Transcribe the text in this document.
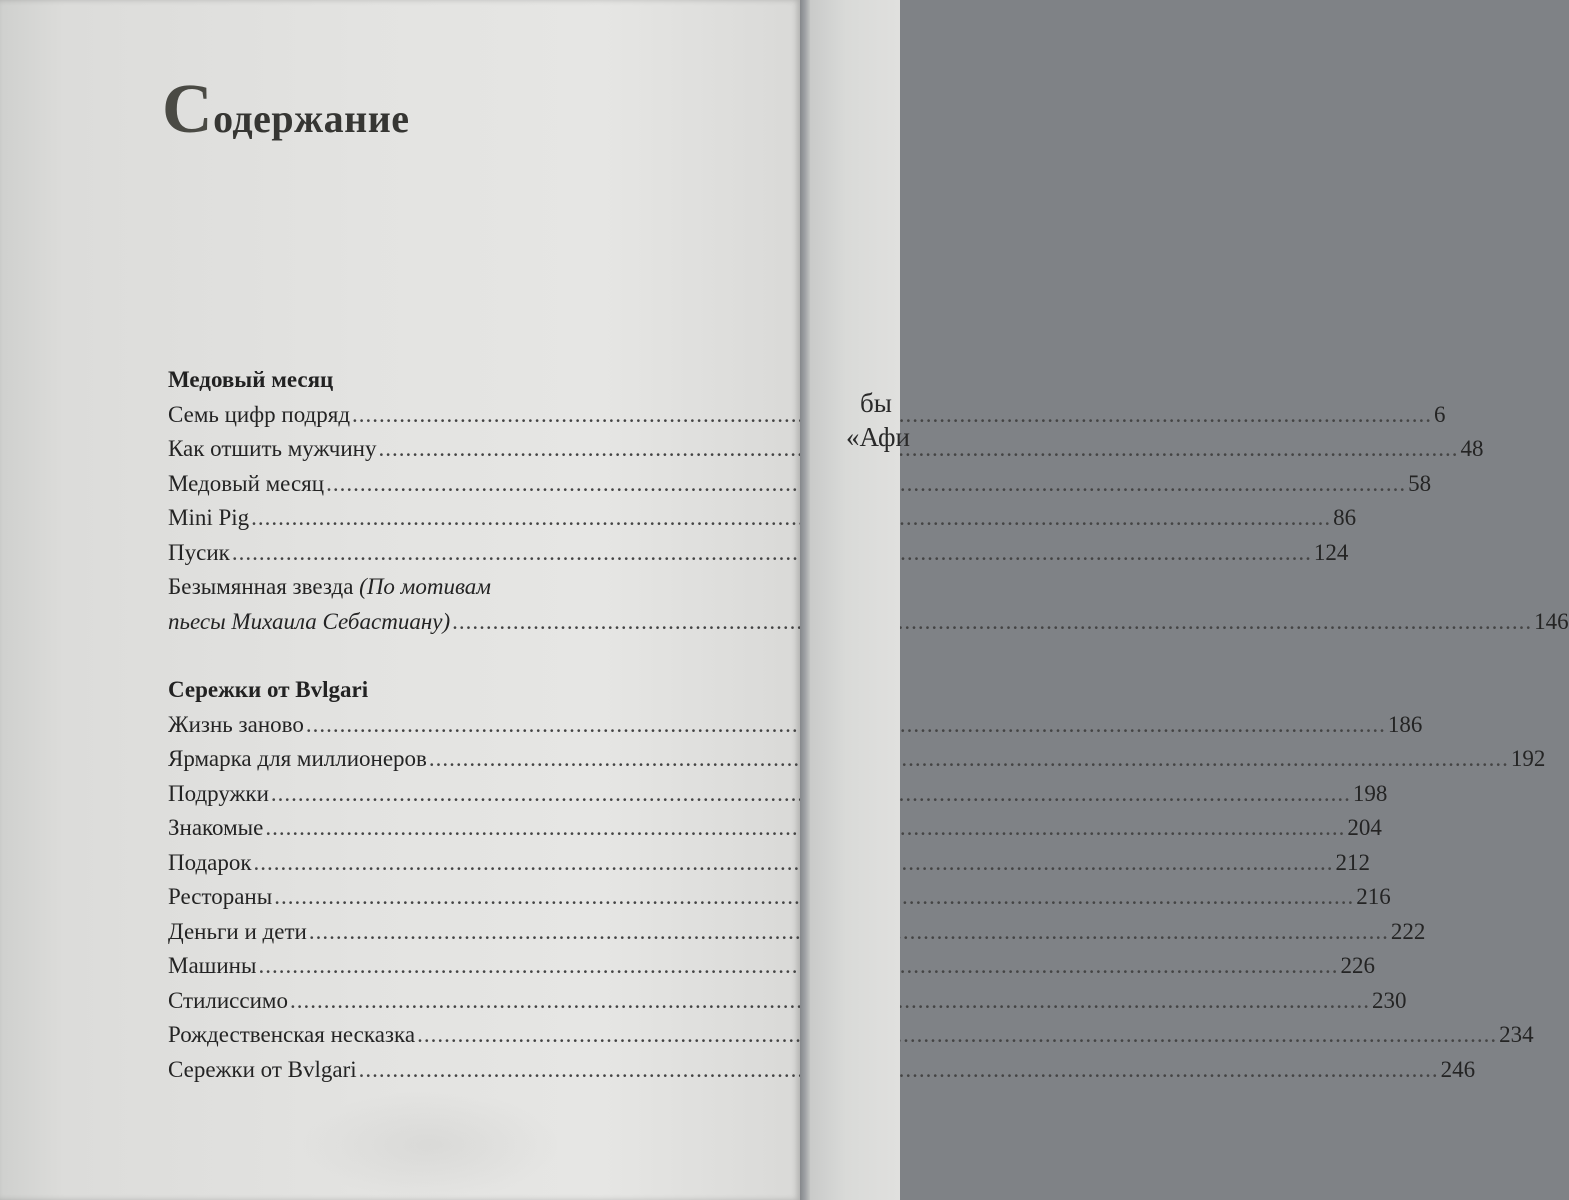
Содержание
Медовый месяц
Семь цифр подряд .....	6
Как отшить мужчину .....	48
Медовый месяц .....	58
Mini Pig .....	86
Пусик .....	124
Безымянная звезда (По мотивам
пьесы Михаила Себастиану) .....	146
Сережки от Bvlgari
Жизнь заново .....	186
Ярмарка для миллионеров .....	192
Подружки .....	198
Знакомые .....	204
Подарок .....	212
Рестораны .....	216
Деньги и дети .....	222
Машины .....	226
Стилиссимо .....	230
Рождественская несказка .....	234
Сережки от Bvlgari .....	246
бы
«Афи
